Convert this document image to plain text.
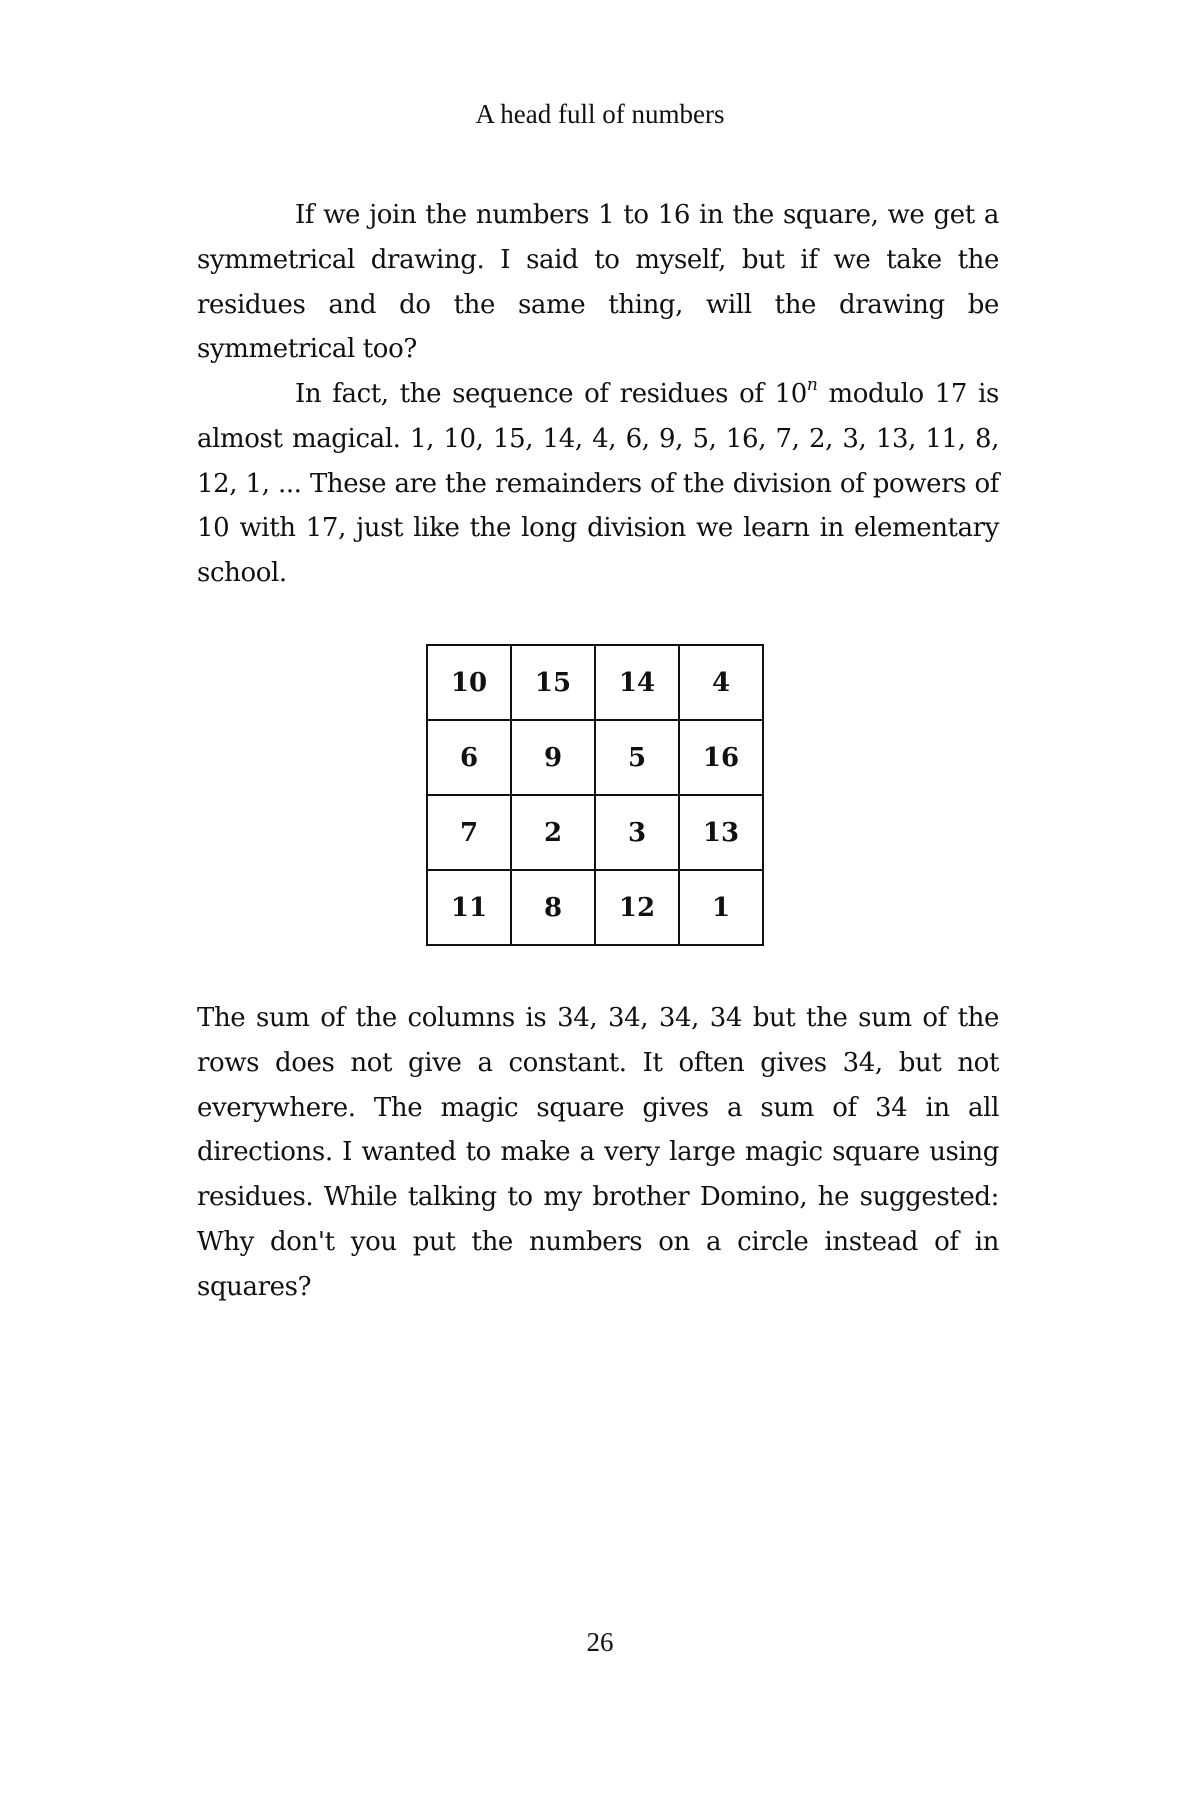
A head full of numbers

If we join the numbers 1 to 16 in the square, we get a symmetrical drawing. I said to myself, but if we take the residues and do the same thing, will the drawing be symmetrical too?

In fact, the sequence of residues of 10$^n$ modulo 17 is almost magical. 1, 10, 15, 14, 4, 6, 9, 5, 16, 7, 2, 3, 13, 11, 8, 12, 1, ... These are the remainders of the division of powers of 10 with 17, just like the long division we learn in elementary school.

10	15	14	4
6	9	5	16
7	2	3	13
11	8	12	1

The sum of the columns is 34, 34, 34, 34 but the sum of the rows does not give a constant. It often gives 34, but not everywhere. The magic square gives a sum of 34 in all directions. I wanted to make a very large magic square using residues. While talking to my brother Domino, he suggested: Why don't you put the numbers on a circle instead of in squares?

26
